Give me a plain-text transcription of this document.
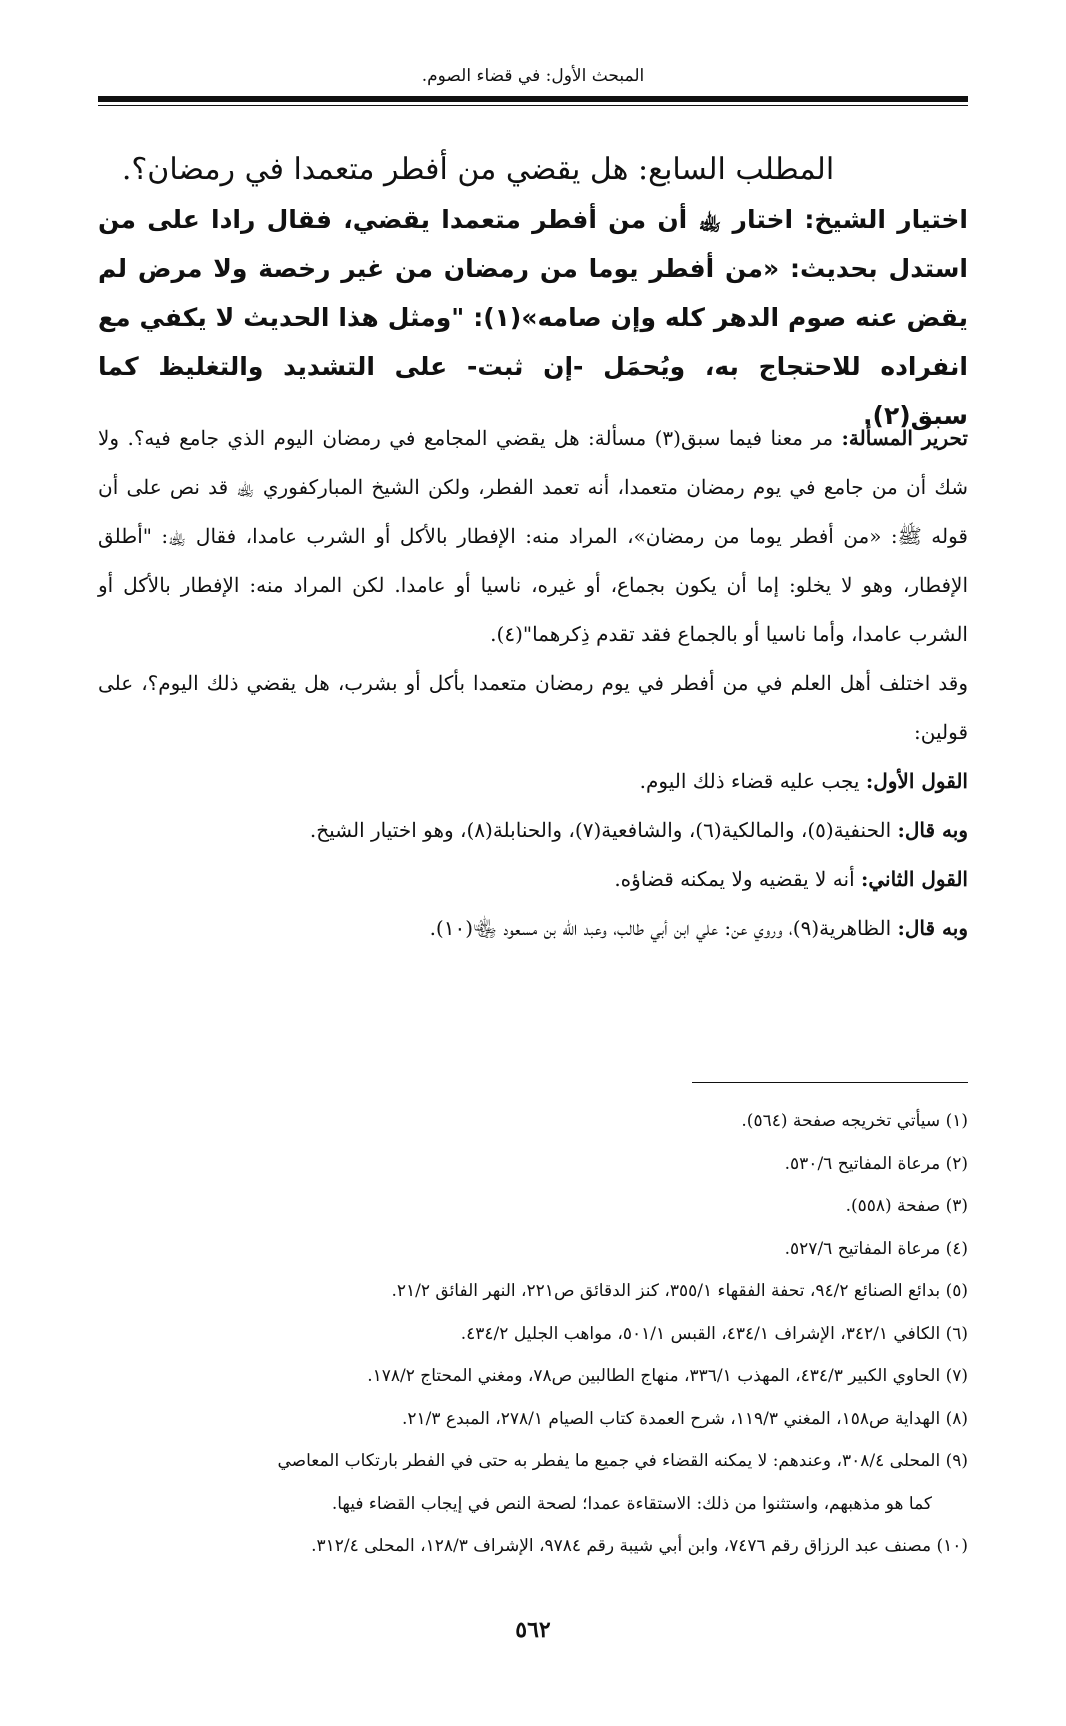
المبحث الأول: في قضاء الصوم.
المطلب السابع: هل يقضي من أفطر متعمدا في رمضان؟.
اختيار الشيخ: اختار ﵀ أن من أفطر متعمدا يقضي، فقال رادا على من استدل بحديث: «من أفطر يوما من رمضان من غير رخصة ولا مرض لم يقض عنه صوم الدهر كله وإن صامه»(١): "ومثل هذا الحديث لا يكفي مع انفراده للاحتجاج به، ويُحمَل -إن ثبت- على التشديد والتغليظ كما سبق(٢).

تحرير المسألة: مر معنا فيما سبق(٣) مسألة: هل يقضي المجامع في رمضان اليوم الذي جامع فيه؟. ولا شك أن من جامع في يوم رمضان متعمدا، أنه تعمد الفطر، ولكن الشيخ المباركفوري ﵀ قد نص على أن قوله ﷺ: «من أفطر يوما من رمضان»، المراد منه: الإفطار بالأكل أو الشرب عامدا، فقال ﵀: "أطلق الإفطار، وهو لا يخلو: إما أن يكون بجماع، أو غيره، ناسيا أو عامدا. لكن المراد منه: الإفطار بالأكل أو الشرب عامدا، وأما ناسيا أو بالجماع فقد تقدم ذِكرهما"(٤).

وقد اختلف أهل العلم في من أفطر في يوم رمضان متعمدا بأكل أو بشرب، هل يقضي ذلك اليوم؟، على قولين:

القول الأول: يجب عليه قضاء ذلك اليوم.

وبه قال: الحنفية(٥)، والمالكية(٦)، والشافعية(٧)، والحنابلة(٨)، وهو اختيار الشيخ.

القول الثاني: أنه لا يقضيه ولا يمكنه قضاؤه.

وبه قال: الظاهرية(٩)، وروي عن: علي ابن أبي طالب، وعبد الله بن مسعود ﵄(١٠).

(١) سيأتي تخريجه صفحة (٥٦٤).

(٢) مرعاة المفاتيح ٥٣٠/٦.

(٣) صفحة (٥٥٨).

(٤) مرعاة المفاتيح ٥٢٧/٦.

(٥) بدائع الصنائع ٩٤/٢، تحفة الفقهاء ٣٥٥/١، كنز الدقائق ص٢٢١، النهر الفائق ٢١/٢.

(٦) الكافي ٣٤٢/١، الإشراف ٤٣٤/١، القبس ٥٠١/١، مواهب الجليل ٤٣٤/٢.

(٧) الحاوي الكبير ٤٣٤/٣، المهذب ٣٣٦/١، منهاج الطالبين ص٧٨، ومغني المحتاج ١٧٨/٢.

(٨) الهداية ص١٥٨، المغني ١١٩/٣، شرح العمدة كتاب الصيام ٢٧٨/١، المبدع ٢١/٣.

(٩) المحلى ٣٠٨/٤، وعندهم: لا يمكنه القضاء في جميع ما يفطر به حتى في الفطر بارتكاب المعاصي

كما هو مذهبهم، واستثنوا من ذلك: الاستقاءة عمدا؛ لصحة النص في إيجاب القضاء فيها.

(١٠) مصنف عبد الرزاق رقم ٧٤٧٦، وابن أبي شيبة رقم ٩٧٨٤، الإشراف ١٢٨/٣، المحلى ٣١٢/٤.

٥٦٢
